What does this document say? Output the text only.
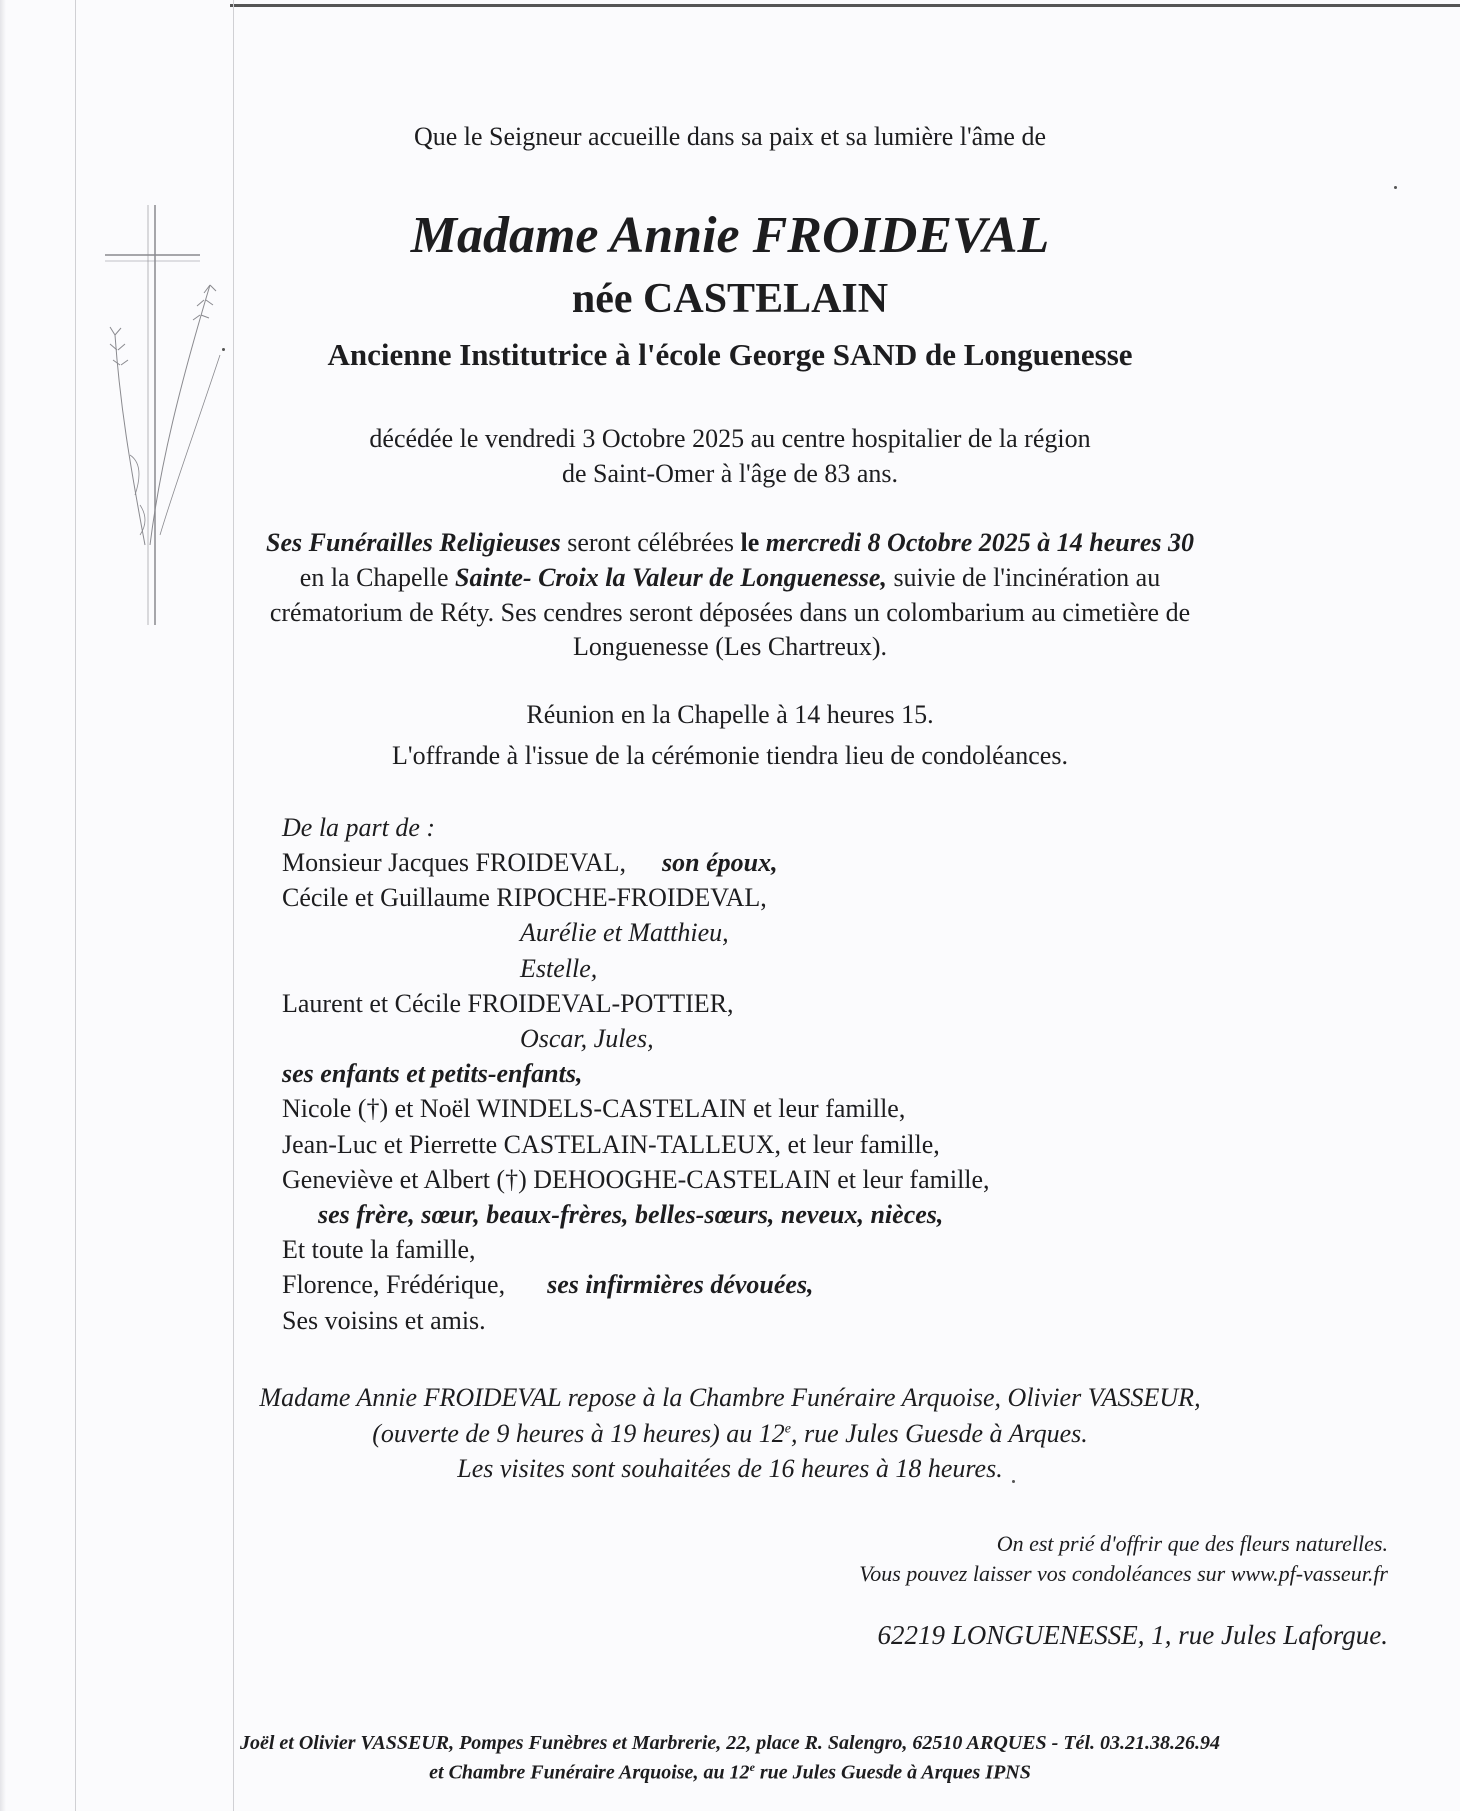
Que le Seigneur accueille dans sa paix et sa lumière l'âme de

Madame Annie FROIDEVAL

née CASTELAIN

Ancienne Institutrice à l'école George SAND de Longuenesse

décédée le vendredi 3 Octobre 2025 au centre hospitalier de la région

de Saint-Omer à l'âge de 83 ans.

Ses Funérailles Religieuses seront célébrées le mercredi 8 Octobre 2025 à 14 heures 30

en la Chapelle Sainte- Croix la Valeur de Longuenesse, suivie de l'incinération au

crématorium de Réty. Ses cendres seront déposées dans un colombarium au cimetière de

Longuenesse (Les Chartreux).

Réunion en la Chapelle à 14 heures 15.

L'offrande à l'issue de la cérémonie tiendra lieu de condoléances.

De la part de :

Monsieur Jacques FROIDEVAL, son époux,

Cécile et Guillaume RIPOCHE-FROIDEVAL,

Aurélie et Matthieu,

Estelle,

Laurent et Cécile FROIDEVAL-POTTIER,

Oscar, Jules,

ses enfants et petits-enfants,

Nicole (†) et Noël WINDELS-CASTELAIN et leur famille,

Jean-Luc et Pierrette CASTELAIN-TALLEUX, et leur famille,

Geneviève et Albert (†) DEHOOGHE-CASTELAIN et leur famille,

ses frère, sœur, beaux-frères, belles-sœurs, neveux, nièces,

Et toute la famille,

Florence, Frédérique, ses infirmières dévouées,

Ses voisins et amis.

Madame Annie FROIDEVAL repose à la Chambre Funéraire Arquoise, Olivier VASSEUR,

(ouverte de 9 heures à 19 heures) au 12e, rue Jules Guesde à Arques.

Les visites sont souhaitées de 16 heures à 18 heures.

On est prié d'offrir que des fleurs naturelles.

Vous pouvez laisser vos condoléances sur www.pf-vasseur.fr

62219 LONGUENESSE, 1, rue Jules Laforgue.

Joël et Olivier VASSEUR, Pompes Funèbres et Marbrerie, 22, place R. Salengro, 62510 ARQUES - Tél. 03.21.38.26.94

et Chambre Funéraire Arquoise, au 12e rue Jules Guesde à Arques IPNS
